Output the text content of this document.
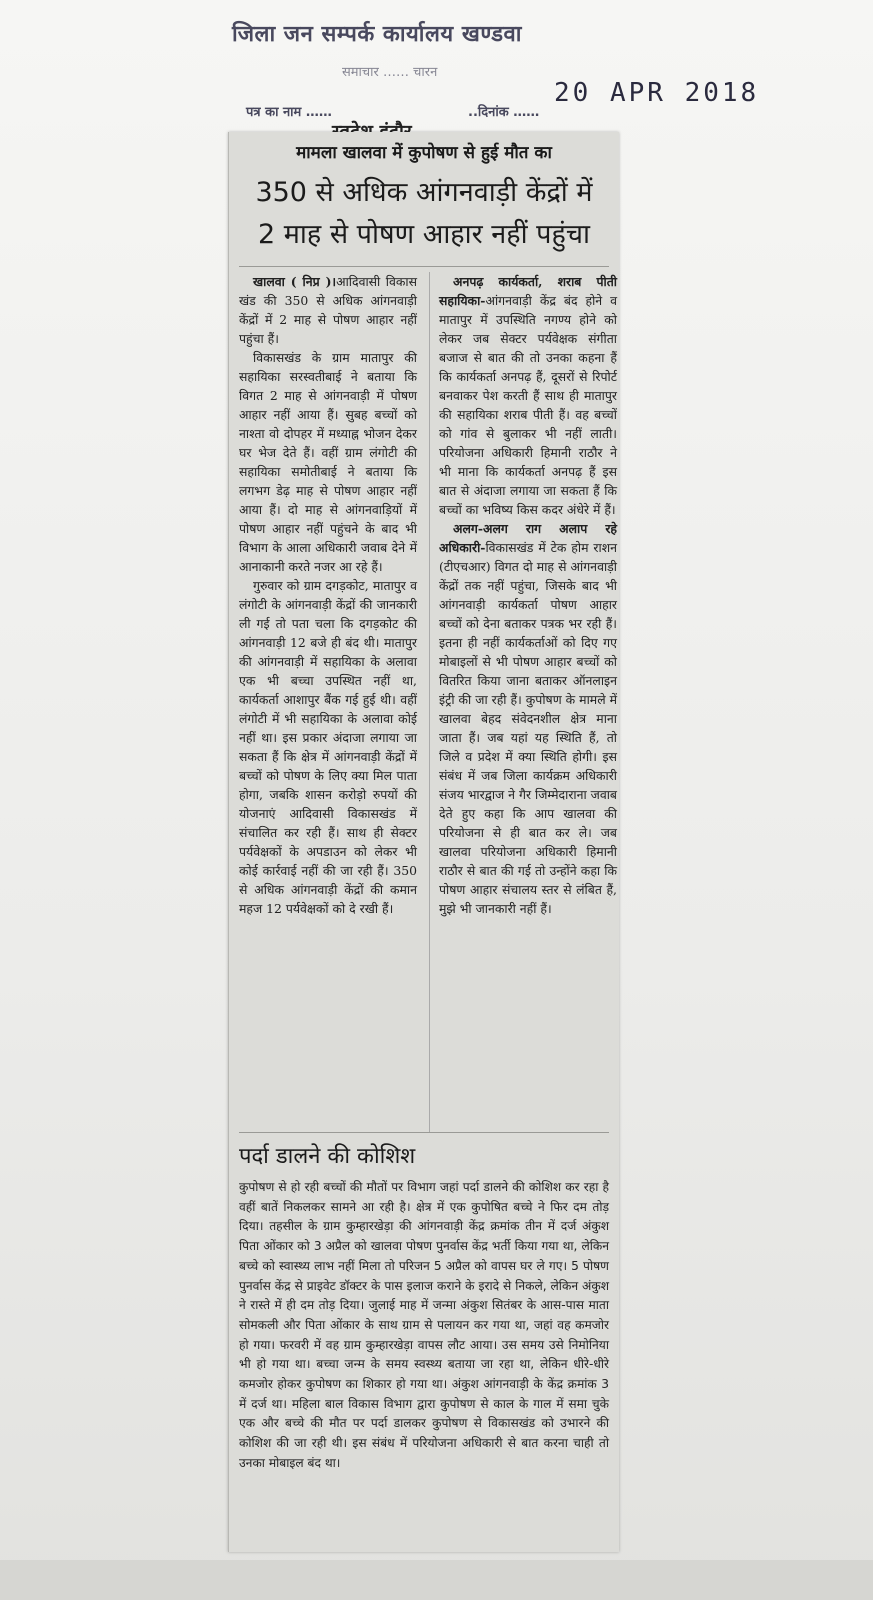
जिला जन सम्पर्क कार्यालय खण्डवा
समाचार …… चारन
20 APR 2018
पत्र का नाम ……	..दिनांक ……
मामला खालवा में कुपोषण से हुई मौत का
350 से अधिक आंगनवाड़ी केंद्रों में
2 माह से पोषण आहार नहीं पहुंचा

खालवा ( निप्र )।आदिवासी विकास खंड की 350 से अधिक आंगनवाड़ी केंद्रों में 2 माह से पोषण आहार नहीं पहुंचा हैं।

विकासखंड के ग्राम मातापुर की सहायिका सरस्वतीबाई ने बताया कि विगत 2 माह से आंगनवाड़ी में पोषण आहार नहीं आया हैं। सुबह बच्चों को नाश्ता वो दोपहर में मध्याह्न भोजन देकर घर भेज देते हैं। वहीं ग्राम लंगोटी की सहायिका समोतीबाई ने बताया कि लगभग डेढ़ माह से पोषण आहार नहीं आया हैं। दो माह से आंगनवाड़ियों में पोषण आहार नहीं पहुंचने के बाद भी विभाग के आला अधिकारी जवाब देने में आनाकानी करते नजर आ रहे हैं।

गुरुवार को ग्राम दगड़कोट, मातापुर व लंगोटी के आंगनवाड़ी केंद्रों की जानकारी ली गई तो पता चला कि दगड़कोट की आंगनवाड़ी 12 बजे ही बंद थी। मातापुर की आंगनवाड़ी में सहायिका के अलावा एक भी बच्चा उपस्थित नहीं था, कार्यकर्ता आशापुर बैंक गई हुई थी। वहीं लंगोटी में भी सहायिका के अलावा कोई नहीं था। इस प्रकार अंदाजा लगाया जा सकता हैं कि क्षेत्र में आंगनवाड़ी केंद्रों में बच्चों को पोषण के लिए क्या मिल पाता होगा, जबकि शासन करोड़ो रुपयों की योजनाएं आदिवासी विकासखंड में संचालित कर रही हैं। साथ ही सेक्टर पर्यवेक्षकों के अपडाउन को लेकर भी कोई कार्रवाई नहीं की जा रही हैं। 350 से अधिक आंगनवाड़ी केंद्रों की कमान महज 12 पर्यवेक्षकों को दे रखी हैं।

अनपढ़ कार्यकर्ता, शराब पीती सहायिका-आंगनवाड़ी केंद्र बंद होने व मातापुर में उपस्थिति नगण्य होने को लेकर जब सेक्टर पर्यवेक्षक संगीता बजाज से बात की तो उनका कहना हैं कि कार्यकर्ता अनपढ़ हैं, दूसरों से रिपोर्ट बनवाकर पेश करती हैं साथ ही मातापुर की सहायिका शराब पीती हैं। वह बच्चों को गांव से बुलाकर भी नहीं लाती। परियोजना अधिकारी हिमानी राठौर ने भी माना कि कार्यकर्ता अनपढ़ हैं इस बात से अंदाजा लगाया जा सकता हैं कि बच्चों का भविष्य किस कदर अंधेरे में हैं।

अलग-अलग राग अलाप रहे अधिकारी-विकासखंड में टेक होम राशन (टीएचआर) विगत दो माह से आंगनवाड़ी केंद्रों तक नहीं पहुंचा, जिसके बाद भी आंगनवाड़ी कार्यकर्ता पोषण आहार बच्चों को देना बताकर पत्रक भर रही हैं। इतना ही नहीं कार्यकर्ताओं को दिए गए मोबाइलों से भी पोषण आहार बच्चों को वितरित किया जाना बताकर ऑनलाइन इंट्री की जा रही हैं। कुपोषण के मामले में खालवा बेहद संवेदनशील क्षेत्र माना जाता हैं। जब यहां यह स्थिति हैं, तो जिले व प्रदेश में क्या स्थिति होगी। इस संबंध में जब जिला कार्यक्रम अधिकारी संजय भारद्वाज ने गैर जिम्मेदाराना जवाब देते हुए कहा कि आप खालवा की परियोजना से ही बात कर ले। जब खालवा परियोजना अधिकारी हिमानी राठौर से बात की गई तो उन्होंने कहा कि पोषण आहार संचालय स्तर से लंबित हैं, मुझे भी जानकारी नहीं हैं।

पर्दा डालने की कोशिश

कुपोषण से हो रही बच्चों की मौतों पर विभाग जहां पर्दा डालने की कोशिश कर रहा है वहीं बातें निकलकर सामने आ रही है। क्षेत्र में एक कुपोषित बच्चे ने फिर दम तोड़ दिया। तहसील के ग्राम कुम्हारखेड़ा की आंगनवाड़ी केंद्र क्रमांक तीन में दर्ज अंकुश पिता ओंकार को 3 अप्रैल को खालवा पोषण पुनर्वास केंद्र भर्ती किया गया था, लेकिन बच्चे को स्वास्थ्य लाभ नहीं मिला तो परिजन 5 अप्रैल को वापस घर ले गए। 5 पोषण पुनर्वास केंद्र से प्राइवेट डॉक्टर के पास इलाज कराने के इरादे से निकले, लेकिन अंकुश ने रास्ते में ही दम तोड़ दिया। जुलाई माह में जन्मा अंकुश सितंबर के आस-पास माता सोमकली और पिता ओंकार के साथ ग्राम से पलायन कर गया था, जहां वह कमजोर हो गया। फरवरी में वह ग्राम कुम्हारखेड़ा वापस लौट आया। उस समय उसे निमोनिया भी हो गया था। बच्चा जन्म के समय स्वस्थ्य बताया जा रहा था, लेकिन धीरे-धीरे कमजोर होकर कुपोषण का शिकार हो गया था। अंकुश आंगनवाड़ी के केंद्र क्रमांक 3 में दर्ज था। महिला बाल विकास विभाग द्वारा कुपोषण से काल के गाल में समा चुके एक और बच्चे की मौत पर पर्दा डालकर कुपोषण से विकासखंड को उभारने की कोशिश की जा रही थी। इस संबंध में परियोजना अधिकारी से बात करना चाही तो उनका मोबाइल बंद था।
